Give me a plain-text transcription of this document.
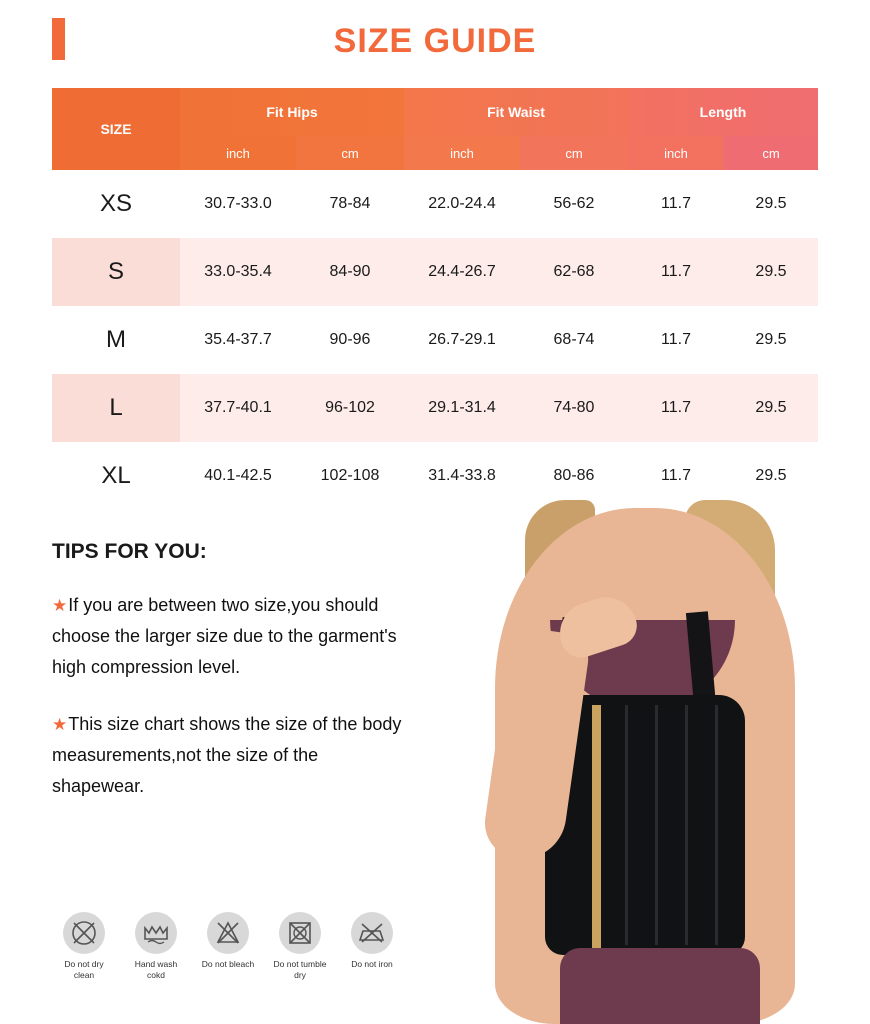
SIZE GUIDE
SIZE	Fit Hips		Fit Waist		Length	
	inch	cm	inch	cm	inch	cm
XS	30.7-33.0	78-84	22.0-24.4	56-62	11.7	29.5
S	33.0-35.4	84-90	24.4-26.7	62-68	11.7	29.5
M	35.4-37.7	90-96	26.7-29.1	68-74	11.7	29.5
L	37.7-40.1	96-102	29.1-31.4	74-80	11.7	29.5
XL	40.1-42.5	102-108	31.4-33.8	80-86	11.7	29.5
TIPS FOR YOU:
★If you are between two size,you should choose the larger size due to the garment's high compression level.
★This size chart shows the size of the body measurements,not the size of the shapewear.
Do not dry clean
Hand wash cokd
Do not bleach Do not tumble dry
Do not iron
